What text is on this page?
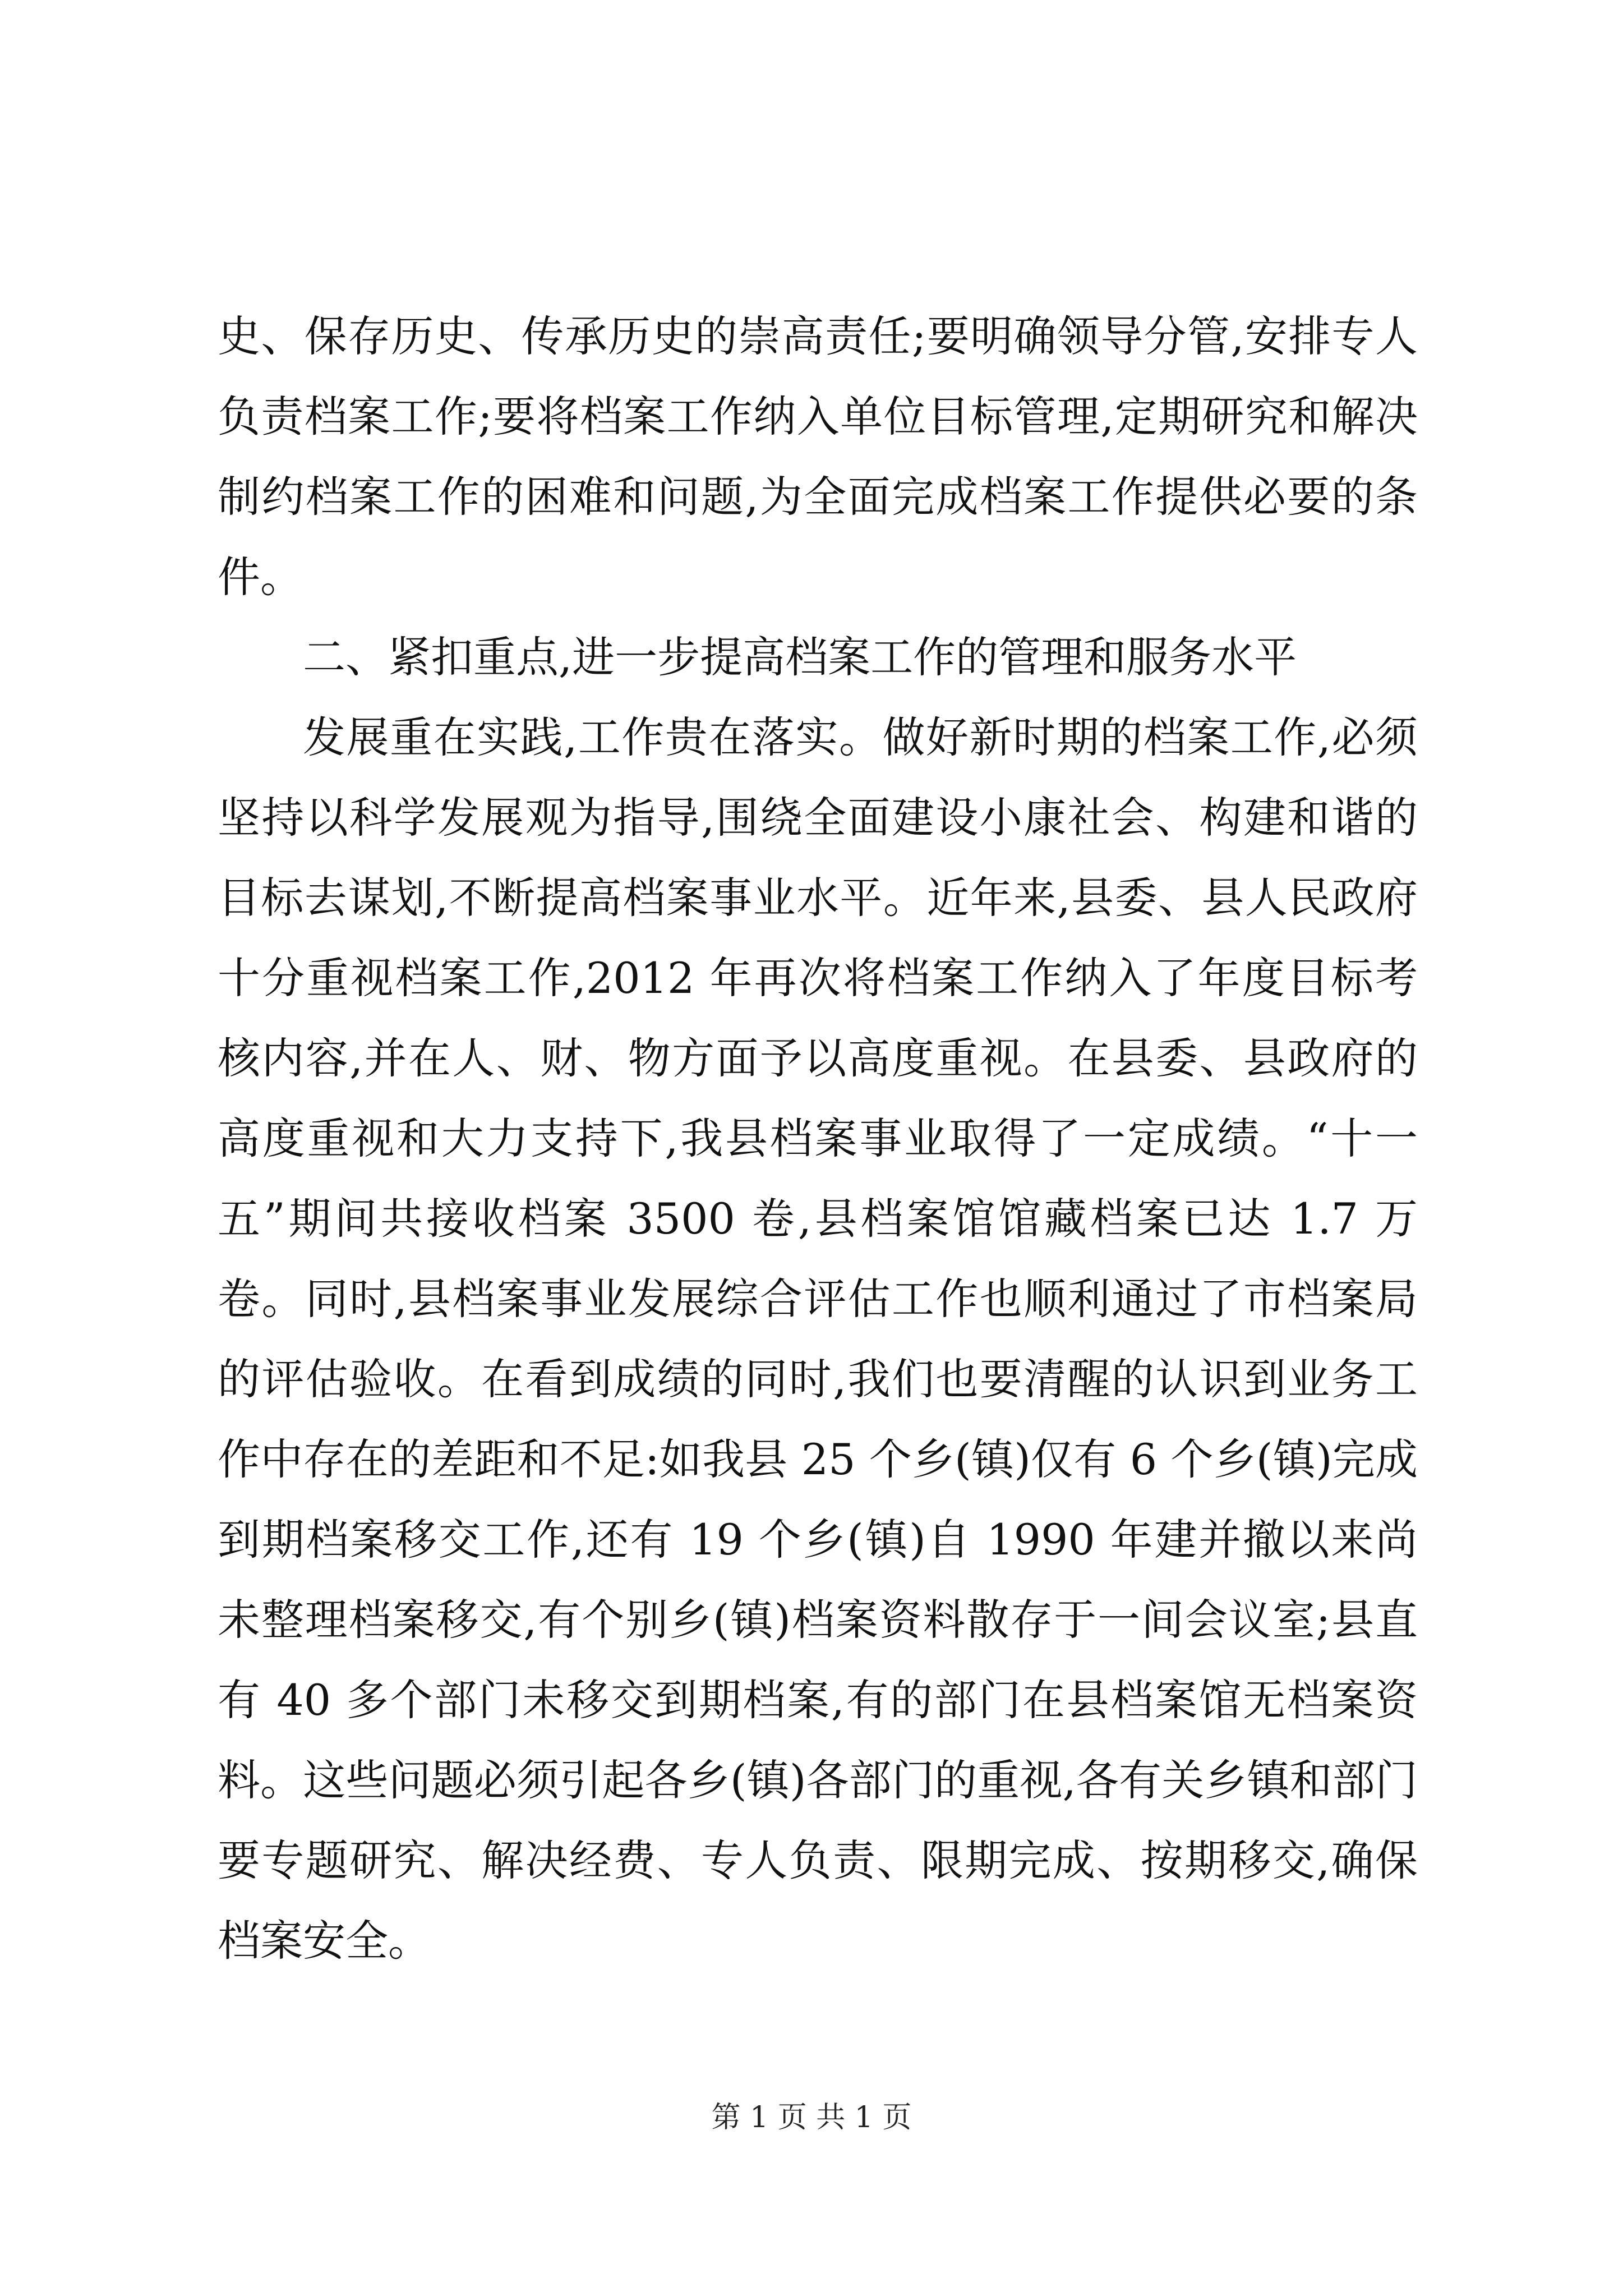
史、保存历史、传承历史的崇高责任;要明确领导分管,安排专人负责档案工作;要将档案工作纳入单位目标管理,定期研究和解决制约档案工作的困难和问题,为全面完成档案工作提供必要的条件。

二、紧扣重点,进一步提高档案工作的管理和服务水平

发展重在实践,工作贵在落实。做好新时期的档案工作,必须坚持以科学发展观为指导,围绕全面建设小康社会、构建和谐的目标去谋划,不断提高档案事业水平。近年来,县委、县人民政府十分重视档案工作,2012 年再次将档案工作纳入了年度目标考核内容,并在人、财、物方面予以高度重视。在县委、县政府的高度重视和大力支持下,我县档案事业取得了一定成绩。“十一五”期间共接收档案 3500 卷,县档案馆馆藏档案已达 1.7 万卷。同时,县档案事业发展综合评估工作也顺利通过了市档案局的评估验收。在看到成绩的同时,我们也要清醒的认识到业务工作中存在的差距和不足:如我县 25 个乡(镇)仅有 6 个乡(镇)完成到期档案移交工作,还有 19 个乡(镇)自 1990 年建并撤以来尚未整理档案移交,有个别乡(镇)档案资料散存于一间会议室;县直有 40 多个部门未移交到期档案,有的部门在县档案馆无档案资料。这些问题必须引起各乡(镇)各部门的重视,各有关乡镇和部门要专题研究、解决经费、专人负责、限期完成、按期移交,确保档案安全。

第 1 页 共 1 页
